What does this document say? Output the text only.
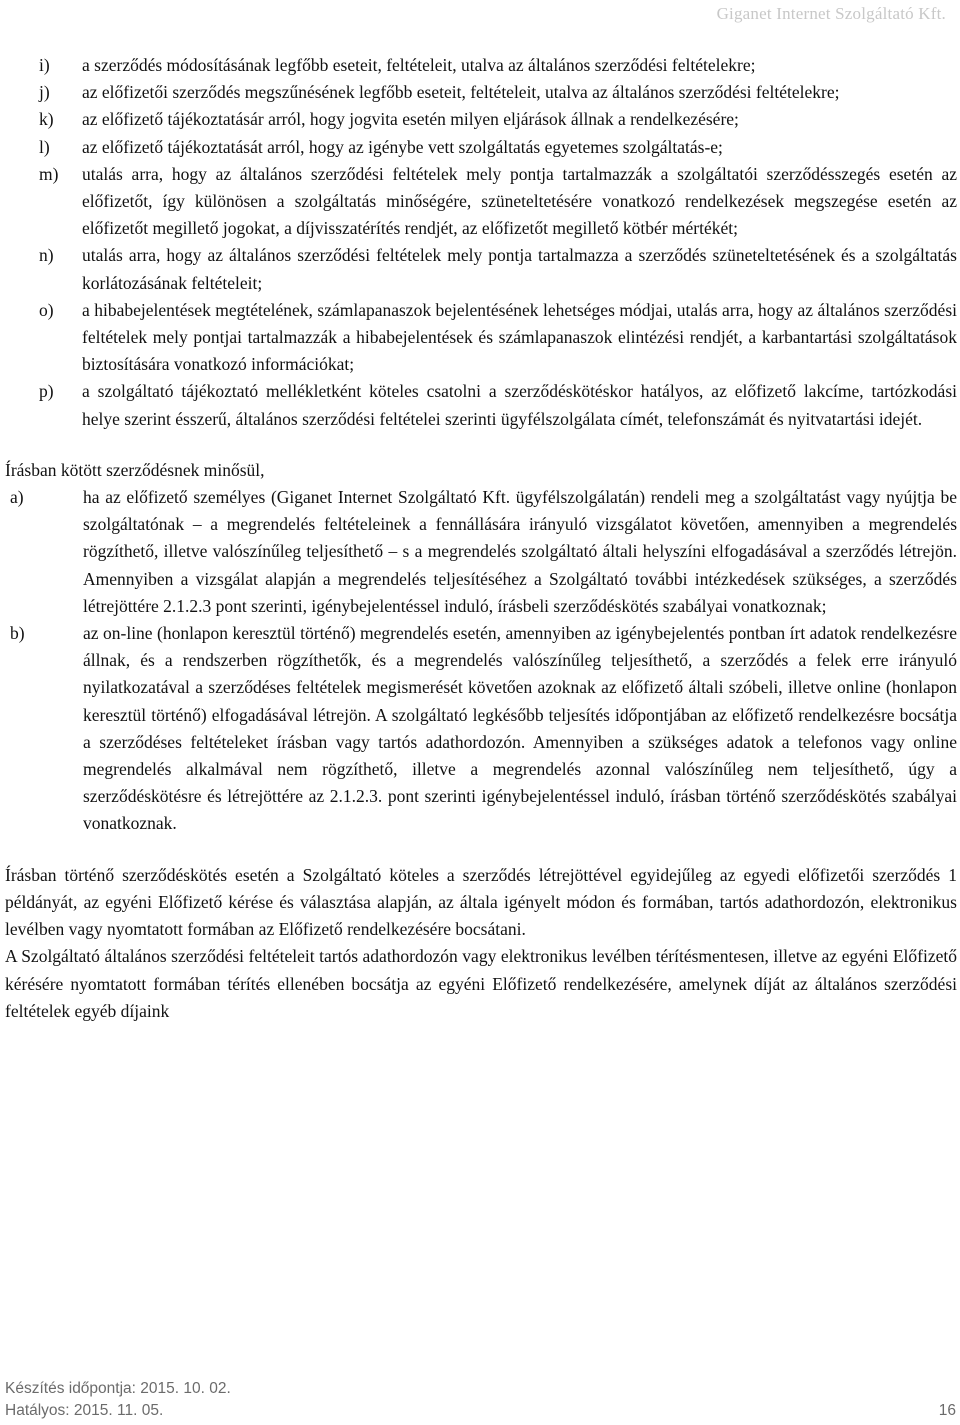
Giganet Internet Szolgáltató Kft.
i) a szerződés módosításának legfőbb eseteit, feltételeit, utalva az általános szerződési feltételekre;
j) az előfizetői szerződés megszűnésének legfőbb eseteit, feltételeit, utalva az általános szerződési feltételekre;
k) az előfizető tájékoztatásár arról, hogy jogvita esetén milyen eljárások állnak a rendelkezésére;
l) az előfizető tájékoztatását arról, hogy az igénybe vett szolgáltatás egyetemes szolgáltatás-e;
m) utalás arra, hogy az általános szerződési feltételek mely pontja tartalmazzák a szolgáltatói szerződésszegés esetén az előfizetőt, így különösen a szolgáltatás minőségére, szüneteltetésére vonatkozó rendelkezések megszegése esetén az előfizetőt megillető jogokat, a díjvisszatérítés rendjét, az előfizetőt megillető kötbér mértékét;
n) utalás arra, hogy az általános szerződési feltételek mely pontja tartalmazza a szerződés szüneteltetésének és a szolgáltatás korlátozásának feltételeit;
o) a hibabejelentések megtételének, számlapanaszok bejelentésének lehetséges módjai, utalás arra, hogy az általános szerződési feltételek mely pontjai tartalmazzák a hibabejelentések és számlapanaszok elintézési rendjét, a karbantartási szolgáltatások biztosítására vonatkozó információkat;
p) a szolgáltató tájékoztató mellékletként köteles csatolni a szerződéskötéskor hatályos, az előfizető lakcíme, tartózkodási helye szerint ésszerű, általános szerződési feltételei szerinti ügyfélszolgálata címét, telefonszámát és nyitvatartási idejét.

Írásban kötött szerződésnek minősül,

a)	ha az előfizető személyes (Giganet Internet Szolgáltató Kft. ügyfélszolgálatán) rendeli meg a szolgáltatást vagy nyújtja be szolgáltatónak – a megrendelés feltételeinek a fennállására irányuló vizsgálatot követően, amennyiben a megrendelés rögzíthető, illetve valószínűleg teljesíthető – s a megrendelés szolgáltató általi helyszíni elfogadásával a szerződés létrejön. Amennyiben a vizsgálat alapján a megrendelés teljesítéséhez a Szolgáltató további intézkedések szükséges, a szerződés létrejöttére 2.1.2.3 pont szerinti, igénybejelentéssel induló, írásbeli szerződéskötés szabályai vonatkoznak;
b)	az on-line (honlapon keresztül történő) megrendelés esetén, amennyiben az igénybejelentés pontban írt adatok rendelkezésre állnak, és a rendszerben rögzíthetők, és a megrendelés valószínűleg teljesíthető, a szerződés a felek erre irányuló nyilatkozatával a szerződéses feltételek megismerését követően azoknak az előfizető általi szóbeli, illetve online (honlapon keresztül történő) elfogadásával létrejön. A szolgáltató legkésőbb teljesítés időpontjában az előfizető rendelkezésre bocsátja a szerződéses feltételeket írásban vagy tartós adathordozón. Amennyiben a szükséges adatok a telefonos vagy online megrendelés alkalmával nem rögzíthető, illetve a megrendelés azonnal valószínűleg nem teljesíthető, úgy a szerződéskötésre és létrejöttére az 2.1.2.3. pont szerinti igénybejelentéssel induló, írásban történő szerződéskötés szabályai vonatkoznak.

Írásban történő szerződéskötés esetén a Szolgáltató köteles a szerződés létrejöttével egyidejűleg az egyedi előfizetői szerződés 1 példányát, az egyéni Előfizető kérése és választása alapján, az általa igényelt módon és formában, tartós adathordozón, elektronikus levélben vagy nyomtatott formában az Előfizető rendelkezésére bocsátani.

A Szolgáltató általános szerződési feltételeit tartós adathordozón vagy elektronikus levélben térítésmentesen, illetve az egyéni Előfizető kérésére nyomtatott formában térítés ellenében bocsátja az egyéni Előfizető rendelkezésére, amelynek díját az általános szerződési feltételek egyéb díjaink

Készítés időpontja: 2015. 10. 02.
Hatályos: 2015. 11. 05.	16
